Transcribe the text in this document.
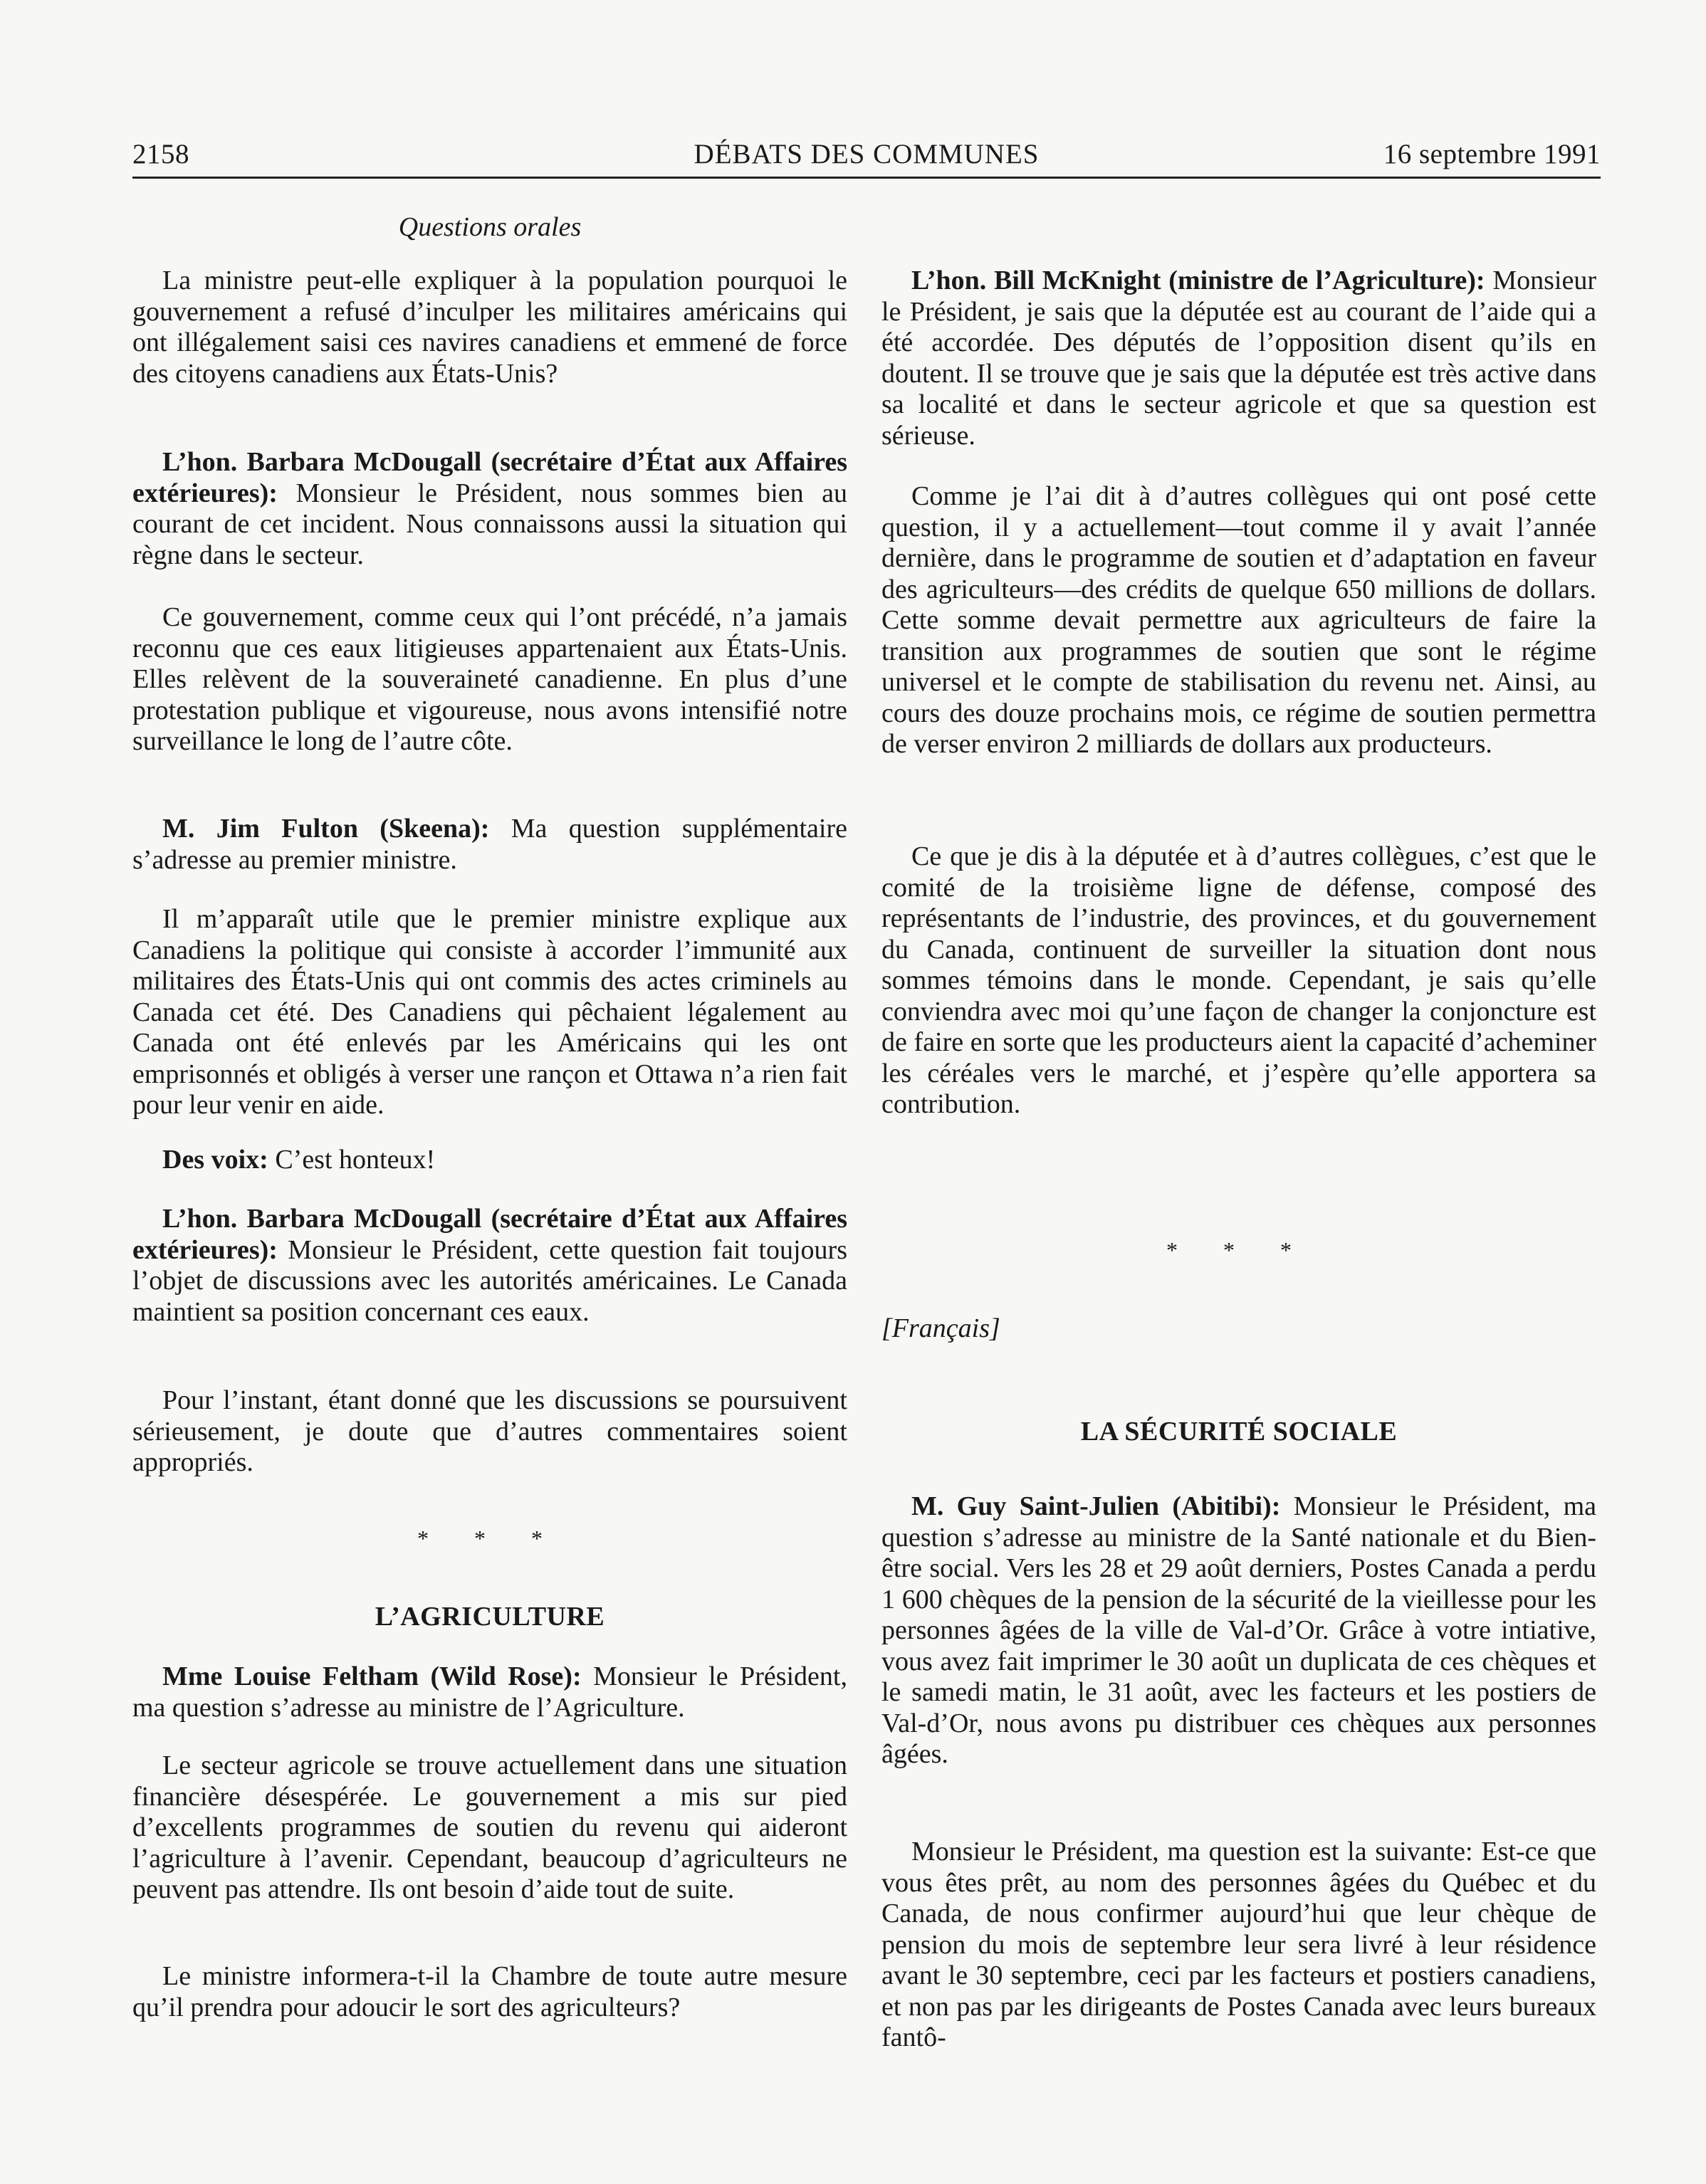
2158	DÉBATS DES COMMUNES	16 septembre 1991

Questions orales

La ministre peut-elle expliquer à la population pourquoi le gouvernement a refusé d’inculper les militaires américains qui ont illégalement saisi ces navires canadiens et emmené de force des citoyens canadiens aux États-Unis?

L’hon. Barbara McDougall (secrétaire d’État aux Affaires extérieures): Monsieur le Président, nous sommes bien au courant de cet incident. Nous connaissons aussi la situation qui règne dans le secteur.

Ce gouvernement, comme ceux qui l’ont précédé, n’a jamais reconnu que ces eaux litigieuses appartenaient aux États-Unis. Elles relèvent de la souveraineté canadienne. En plus d’une protestation publique et vigoureuse, nous avons intensifié notre surveillance le long de l’autre côte.

M. Jim Fulton (Skeena): Ma question supplémentaire s’adresse au premier ministre.

Il m’apparaît utile que le premier ministre explique aux Canadiens la politique qui consiste à accorder l’immunité aux militaires des États-Unis qui ont commis des actes criminels au Canada cet été. Des Canadiens qui pêchaient légalement au Canada ont été enlevés par les Américains qui les ont emprisonnés et obligés à verser une rançon et Ottawa n’a rien fait pour leur venir en aide.

Des voix: C’est honteux!

L’hon. Barbara McDougall (secrétaire d’État aux Affaires extérieures): Monsieur le Président, cette question fait toujours l’objet de discussions avec les autorités américaines. Le Canada maintient sa position concernant ces eaux.

Pour l’instant, étant donné que les discussions se poursuivent sérieusement, je doute que d’autres commentaires soient appropriés.

* * *

L’AGRICULTURE

Mme Louise Feltham (Wild Rose): Monsieur le Président, ma question s’adresse au ministre de l’Agriculture.

Le secteur agricole se trouve actuellement dans une situation financière désespérée. Le gouvernement a mis sur pied d’excellents programmes de soutien du revenu qui aideront l’agriculture à l’avenir. Cependant, beaucoup d’agriculteurs ne peuvent pas attendre. Ils ont besoin d’aide tout de suite.

Le ministre informera-t-il la Chambre de toute autre mesure qu’il prendra pour adoucir le sort des agriculteurs?

L’hon. Bill McKnight (ministre de l’Agriculture): Monsieur le Président, je sais que la députée est au courant de l’aide qui a été accordée. Des députés de l’opposition disent qu’ils en doutent. Il se trouve que je sais que la députée est très active dans sa localité et dans le secteur agricole et que sa question est sérieuse.

Comme je l’ai dit à d’autres collègues qui ont posé cette question, il y a actuellement—tout comme il y avait l’année dernière, dans le programme de soutien et d’adaptation en faveur des agriculteurs—des crédits de quelque 650 millions de dollars. Cette somme devait permettre aux agriculteurs de faire la transition aux programmes de soutien que sont le régime universel et le compte de stabilisation du revenu net. Ainsi, au cours des douze prochains mois, ce régime de soutien permettra de verser environ 2 milliards de dollars aux producteurs.

Ce que je dis à la députée et à d’autres collègues, c’est que le comité de la troisième ligne de défense, composé des représentants de l’industrie, des provinces, et du gouvernement du Canada, continuent de surveiller la situation dont nous sommes témoins dans le monde. Cependant, je sais qu’elle conviendra avec moi qu’une façon de changer la conjoncture est de faire en sorte que les producteurs aient la capacité d’acheminer les céréales vers le marché, et j’espère qu’elle apportera sa contribution.

* * *

[Français]

LA SÉCURITÉ SOCIALE

M. Guy Saint-Julien (Abitibi): Monsieur le Président, ma question s’adresse au ministre de la Santé nationale et du Bien-être social. Vers les 28 et 29 août derniers, Postes Canada a perdu 1 600 chèques de la pension de la sécurité de la vieillesse pour les personnes âgées de la ville de Val-d’Or. Grâce à votre intiative, vous avez fait imprimer le 30 août un duplicata de ces chèques et le samedi matin, le 31 août, avec les facteurs et les postiers de Val-d’Or, nous avons pu distribuer ces chèques aux personnes âgées.

Monsieur le Président, ma question est la suivante: Est-ce que vous êtes prêt, au nom des personnes âgées du Québec et du Canada, de nous confirmer aujourd’hui que leur chèque de pension du mois de septembre leur sera livré à leur résidence avant le 30 septembre, ceci par les facteurs et postiers canadiens, et non pas par les dirigeants de Postes Canada avec leurs bureaux fantô-
